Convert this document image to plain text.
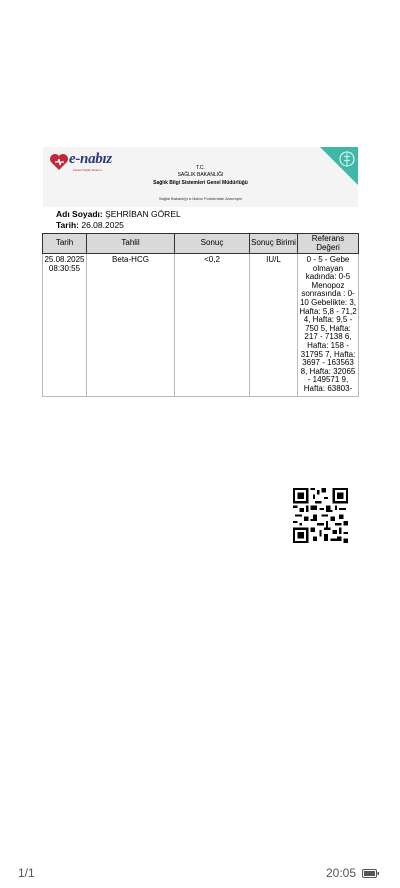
e-nabız
Kişisel Sağlık Sistemi	T.C.
SAĞLIK BAKANLIĞI
Sağlık Bilgi Sistemleri Genel Müdürlüğü
Sağlık Bakanlığı e-Nabız Portalından Alınmıştır
Adı Soyadı: ŞEHRİBAN GÖREL
Tarih: 26.08.2025
Tarih	Tahlil	Sonuç	Sonuç Birimi	Referans Değeri
25.08.2025
08:30:55	Beta-HCG	<0,2	IU/L	0 - 5 - Gebe olmayan kadında: 0-5 Menopoz sonrasında : 0-10 Gebelikte: 3, Hafta: 5,8 - 71,2 4, Hafta: 9,5 - 750 5, Hafta: 217 - 7138 6, Hafta: 158 - 31795 7, Hafta: 3697 - 163563 8, Hafta: 32065 - 149571 9, Hafta: 63803-
1/1	20:05
